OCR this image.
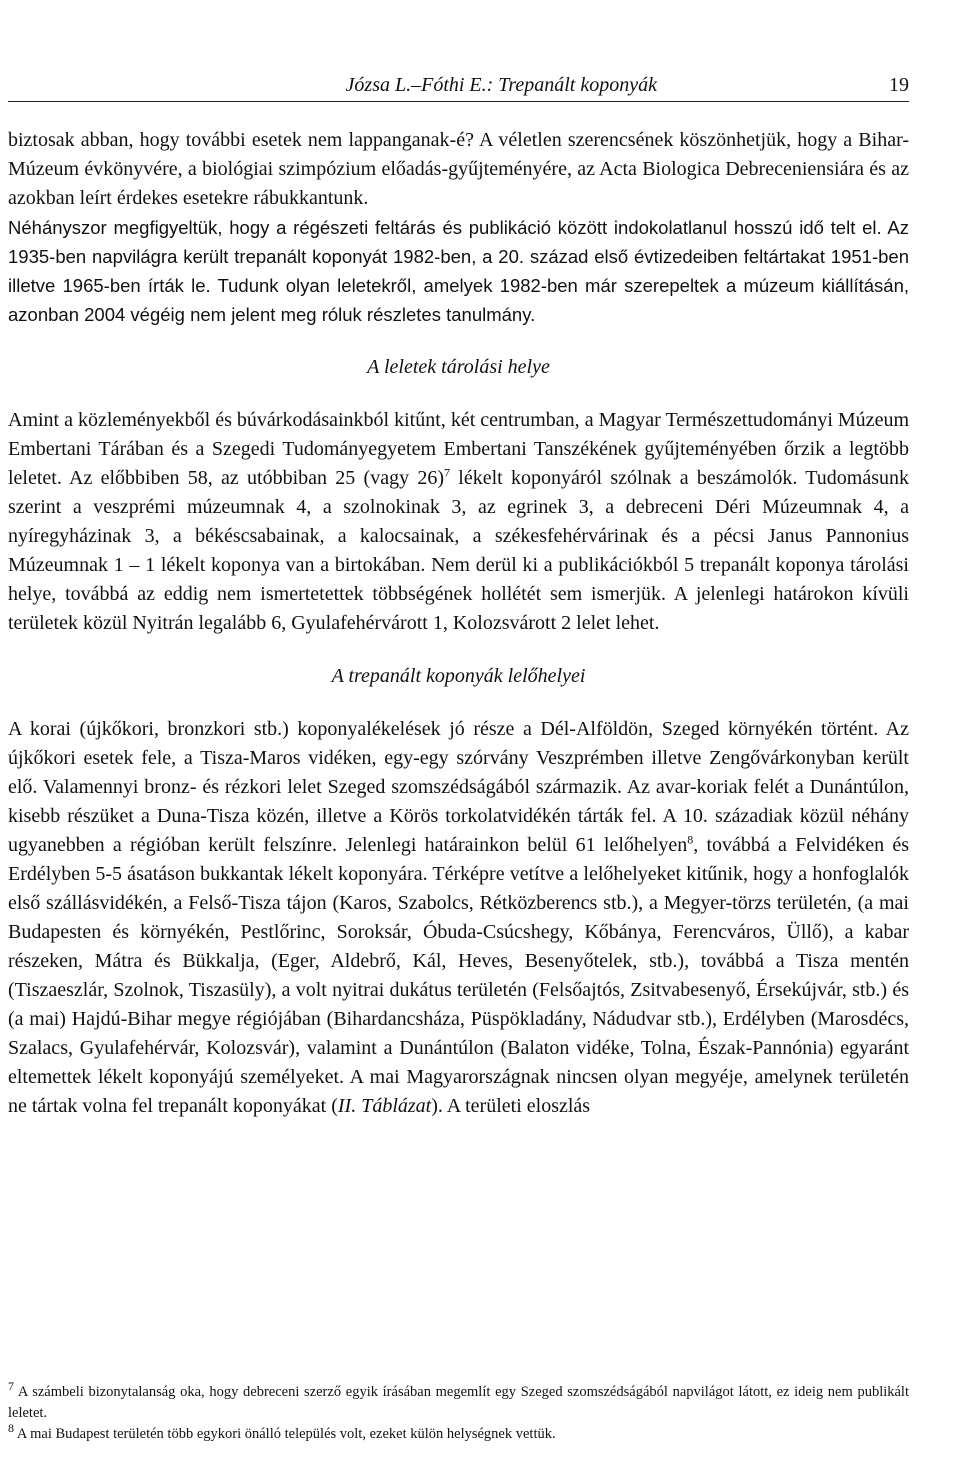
Józsa L.–Fóthi E.: Trepanált koponyák	19

biztosak abban, hogy további esetek nem lappanganak-é? A véletlen szerencsének köszönhetjük, hogy a Bihar-Múzeum évkönyvére, a biológiai szimpózium előadás-gyűjteményére, az Acta Biologica Debreceniensiára és az azokban leírt érdekes esetekre rábukkantunk.

Néhányszor megfigyeltük, hogy a régészeti feltárás és publikáció között indokolatlanul hosszú idő telt el. Az 1935-ben napvilágra került trepanált koponyát 1982-ben, a 20. század első évtizedeiben feltártakat 1951-ben illetve 1965-ben írták le. Tudunk olyan leletekről, amelyek 1982-ben már szerepeltek a múzeum kiállításán, azonban 2004 végéig nem jelent meg róluk részletes tanulmány.

A leletek tárolási helye

Amint a közleményekből és búvárkodásainkból kitűnt, két centrumban, a Magyar Természettudományi Múzeum Embertani Tárában és a Szegedi Tudományegyetem Embertani Tanszékének gyűjteményében őrzik a legtöbb leletet. Az előbbiben 58, az utóbbiban 25 (vagy 26)$^7$ lékelt koponyáról szólnak a beszámolók. Tudomásunk szerint a veszprémi múzeumnak 4, a szolnokinak 3, az egrinek 3, a debreceni Déri Múzeumnak 4, a nyíregyházinak 3, a békéscsabainak, a kalocsainak, a székesfehérvárinak és a pécsi Janus Pannonius Múzeumnak 1 – 1 lékelt koponya van a birtokában. Nem derül ki a publikációkból 5 trepanált koponya tárolási helye, továbbá az eddig nem ismertetettek többségének hollétét sem ismerjük. A jelenlegi határokon kívüli területek közül Nyitrán legalább 6, Gyulafehérvárott 1, Kolozsvárott 2 lelet lehet.

A trepanált koponyák lelőhelyei

A korai (újkőkori, bronzkori stb.) koponyalékelések jó része a Dél-Alföldön, Szeged környékén történt. Az újkőkori esetek fele, a Tisza-Maros vidéken, egy-egy szórvány Veszprémben illetve Zengővárkonyban került elő. Valamennyi bronz- és rézkori lelet Szeged szomszédságából származik. Az avar-koriak felét a Dunántúlon, kisebb részüket a Duna-Tisza közén, illetve a Körös torkolatvidékén tárták fel. A 10. századiak közül néhány ugyanebben a régióban került felszínre. Jelenlegi határainkon belül 61 lelőhelyen$^8$, továbbá a Felvidéken és Erdélyben 5-5 ásatáson bukkantak lékelt koponyára. Térképre vetítve a lelőhelyeket kitűnik, hogy a honfoglalók első szállásvidékén, a Felső-Tisza tájon (Karos, Szabolcs, Rétközberencs stb.), a Megyer-törzs területén, (a mai Budapesten és környékén, Pestlőrinc, Soroksár, Óbuda-Csúcshegy, Kőbánya, Ferencváros, Üllő), a kabar részeken, Mátra és Bükkalja, (Eger, Aldebrő, Kál, Heves, Besenyőtelek, stb.), továbbá a Tisza mentén (Tiszaeszlár, Szolnok, Tiszasüly), a volt nyitrai dukátus területén (Felsőajtós, Zsitvabesenyő, Érsekújvár, stb.) és (a mai) Hajdú-Bihar megye régiójában (Bihardancsháza, Püspökladány, Nádudvar stb.), Erdélyben (Marosdécs, Szalacs, Gyulafehérvár, Kolozsvár), valamint a Dunántúlon (Balaton vidéke, Tolna, Észak-Pannónia) egyaránt eltemettek lékelt koponyájú személyeket. A mai Magyarországnak nincsen olyan megyéje, amelynek területén ne tártak volna fel trepanált koponyákat (II. Táblázat). A területi eloszlás

$^7$ A számbeli bizonytalanság oka, hogy debreceni szerző egyik írásában megemlít egy Szeged szomszédságából napvilágot látott, ez ideig nem publikált leletet.

$^8$ A mai Budapest területén több egykori önálló település volt, ezeket külön helységnek vettük.
